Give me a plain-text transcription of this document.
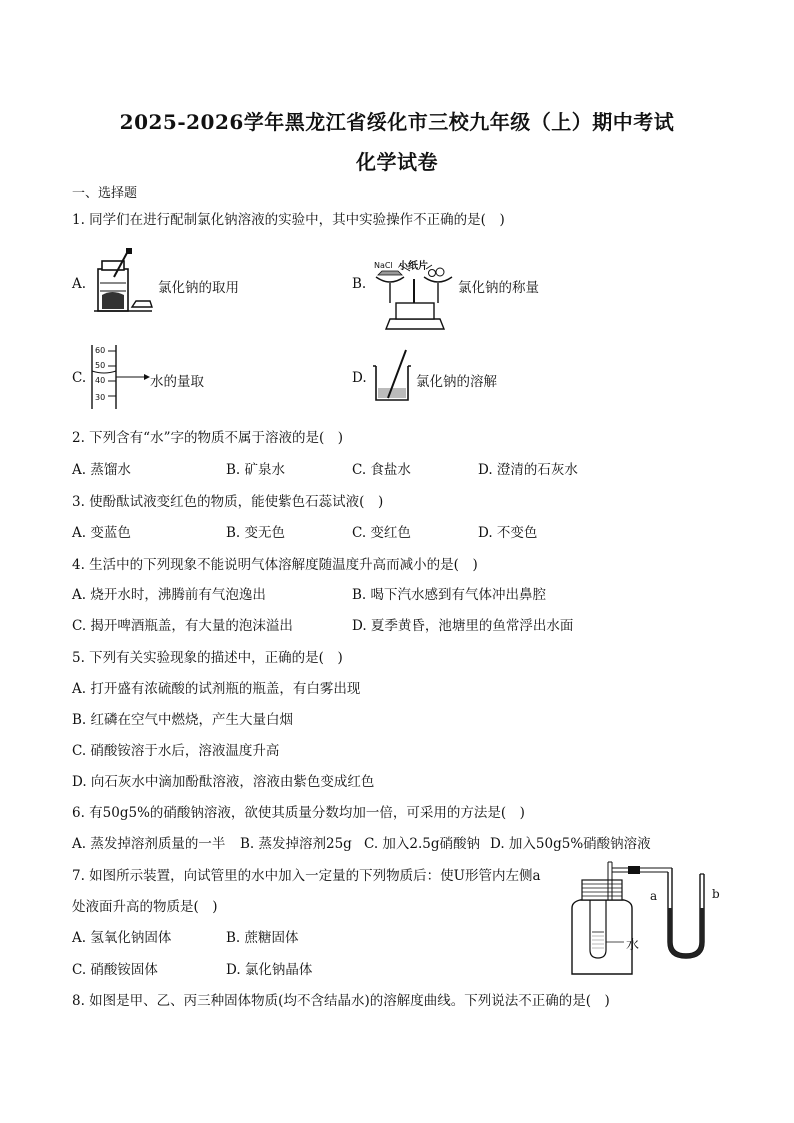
2025-2026学年黑龙江省绥化市三校九年级（上）期中考试
化学试卷
一、选择题
1. 同学们在进行配制氯化钠溶液的实验中，其中实验操作不正确的是(　)
A.	氯化钠的取用	B.
小纸片
NaCl
氯化钠的称量
C.
60
50
40
30
水的量取	D.	氯化钠的溶解
2. 下列含有“水”字的物质不属于溶液的是(　)
A. 蒸馏水	B. 矿泉水	C. 食盐水	D. 澄清的石灰水
3. 使酚酞试液变红色的物质，能使紫色石蕊试液(　)
A. 变蓝色	B. 变无色	C. 变红色	D. 不变色
4. 生活中的下列现象不能说明气体溶解度随温度升高而减小的是(　)
A. 烧开水时，沸腾前有气泡逸出	B. 喝下汽水感到有气体冲出鼻腔
C. 揭开啤酒瓶盖，有大量的泡沫溢出	D. 夏季黄昏，池塘里的鱼常浮出水面
5. 下列有关实验现象的描述中，正确的是(　)
A. 打开盛有浓硫酸的试剂瓶的瓶盖，有白雾出现
B. 红磷在空气中燃烧，产生大量白烟
C. 硝酸铵溶于水后，溶液温度升高
D. 向石灰水中滴加酚酞溶液，溶液由紫色变成红色
6. 有50g5%的硝酸钠溶液，欲使其质量分数均加一倍，可采用的方法是(　)
A. 蒸发掉溶剂质量的一半 B. 蒸发掉溶剂25g C. 加入2.5g硝酸钠 D. 加入50g5%硝酸钠溶液
7. 如图所示装置，向试管里的水中加入一定量的下列物质后：使U形管内左侧a
处液面升高的物质是(　)
A. 氢氧化钠固体	B. 蔗糖固体
C. 硝酸铵固体	D. 氯化钠晶体
水
a	b
8. 如图是甲、乙、丙三种固体物质(均不含结晶水)的溶解度曲线。下列说法不正确的是(　)
